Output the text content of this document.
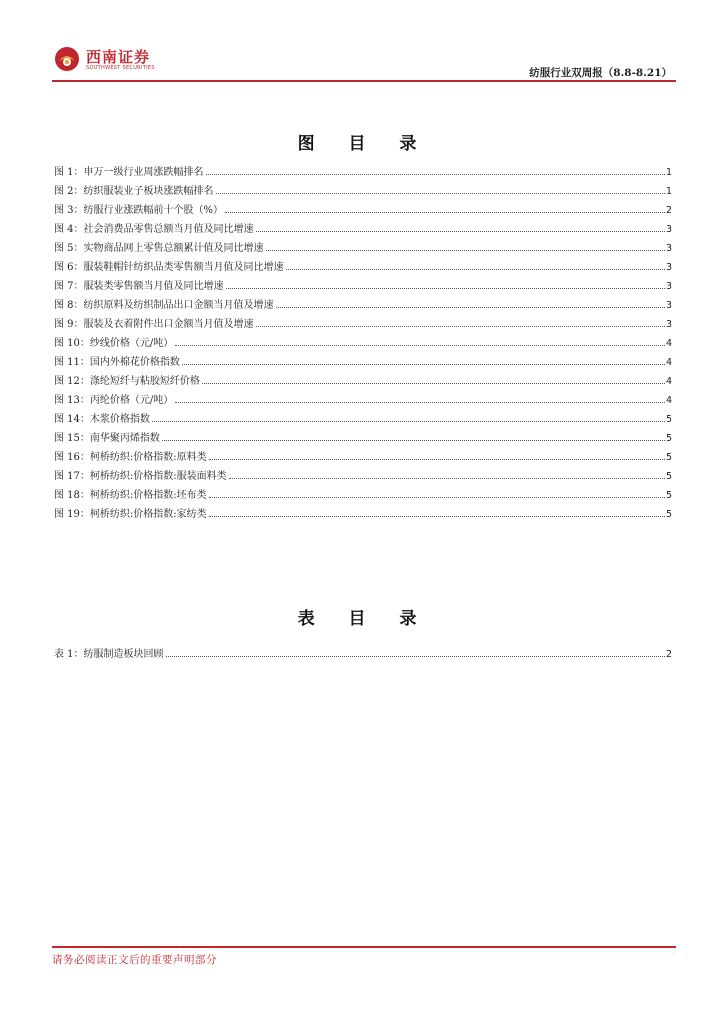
西南证券
SOUTHWEST SECURITIES	纺服行业双周报（8.8-8.21）
图 目 录
图 1： 申万一级行业周涨跌幅排名	1
图 2： 纺织服装业子板块涨跌幅排名	1
图 3： 纺服行业涨跌幅前十个股（%）	2
图 4： 社会消费品零售总额当月值及同比增速	3
图 5： 实物商品网上零售总额累计值及同比增速	3
图 6： 服装鞋帽针纺织品类零售额当月值及同比增速	3
图 7： 服装类零售额当月值及同比增速	3
图 8： 纺织原料及纺织制品出口金额当月值及增速	3
图 9： 服装及衣着附件出口金额当月值及增速	3
图 10： 纱线价格（元/吨）	4
图 11： 国内外棉花价格指数	4
图 12： 涤纶短纤与粘胶短纤价格	4
图 13： 丙纶价格（元/吨）	4
图 14： 木浆价格指数	5
图 15： 南华聚丙烯指数	5
图 16： 柯桥纺织:价格指数:原料类	5
图 17： 柯桥纺织:价格指数:服装面料类	5
图 18： 柯桥纺织:价格指数:坯布类	5
图 19： 柯桥纺织:价格指数:家纺类	5
表 目 录
表 1： 纺服制造板块回顾	2
请务必阅读正文后的重要声明部分
